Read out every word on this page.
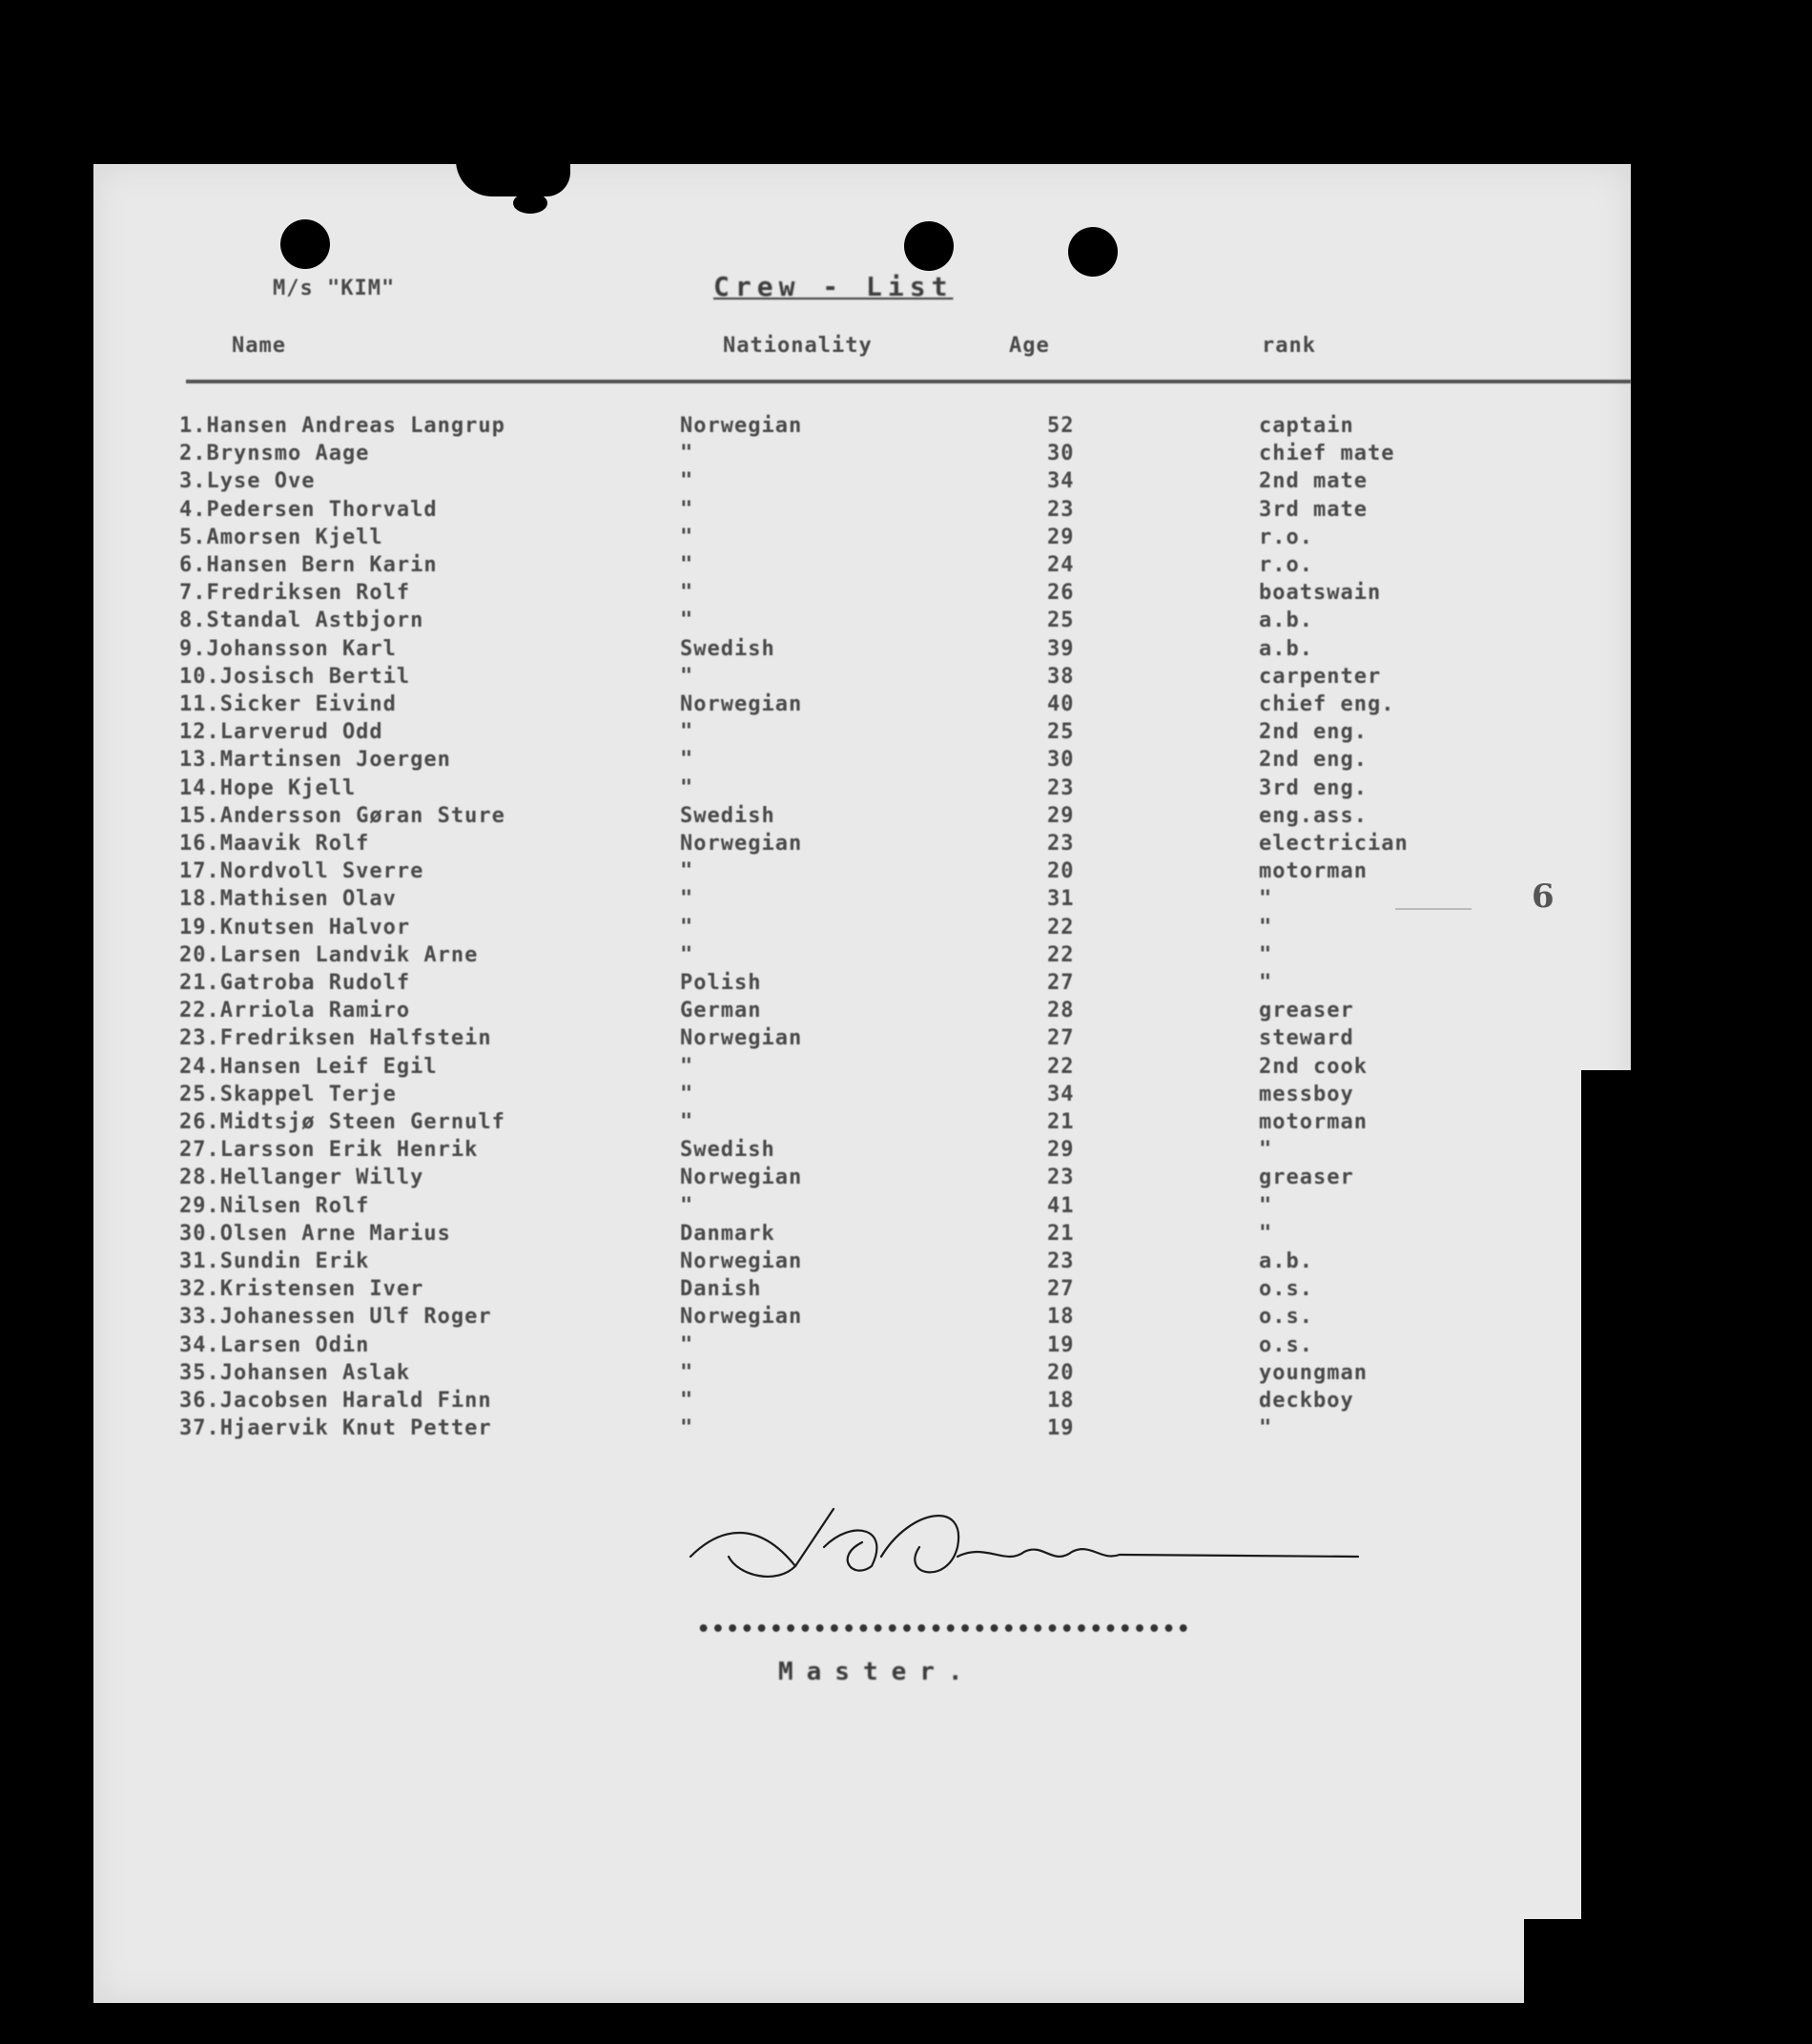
M/s "KIM"	Crew - List
Name	Nationality	Age	rank
1.Hansen Andreas Langrup	Norwegian	52	captain
2.Brynsmo Aage	"	30	chief mate
3.Lyse Ove	"	34	2nd mate
4.Pedersen Thorvald	"	23	3rd mate
5.Amorsen Kjell	"	29	r.o.
6.Hansen Bern Karin	"	24	r.o.
7.Fredriksen Rolf	"	26	boatswain
8.Standal Astbjorn	"	25	a.b.
9.Johansson Karl	Swedish	39	a.b.
10.Josisch Bertil	"	38	carpenter
11.Sicker Eivind	Norwegian	40	chief eng.
12.Larverud Odd	"	25	2nd eng.
13.Martinsen Joergen	"	30	2nd eng.
14.Hope Kjell	"	23	3rd eng.
15.Andersson Gøran Sture	Swedish	29	eng.ass.
16.Maavik Rolf	Norwegian	23	electrician
17.Nordvoll Sverre	"	20	motorman
18.Mathisen Olav	"	31	"
19.Knutsen Halvor	"	22	"
20.Larsen Landvik Arne	"	22	"
21.Gatroba Rudolf	Polish	27	"
22.Arriola Ramiro	German	28	greaser
23.Fredriksen Halfstein	Norwegian	27	steward
24.Hansen Leif Egil	"	22	2nd cook
25.Skappel Terje	"	34	messboy
26.Midtsjø Steen Gernulf	"	21	motorman
27.Larsson Erik Henrik	Swedish	29	"
28.Hellanger Willy	Norwegian	23	greaser
29.Nilsen Rolf	"	41	"
30.Olsen Arne Marius	Danmark	21	"
31.Sundin Erik	Norwegian	23	a.b.
32.Kristensen Iver	Danish	27	o.s.
33.Johanessen Ulf Roger	Norwegian	18	o.s.
34.Larsen Odin	"	19	o.s.
35.Johansen Aslak	"	20	youngman
36.Jacobsen Harald Finn	"	18	deckboy
37.Hjaervik Knut Petter	"	19	"
6
••••••••••••••••••••••••••••••••••
Master.
